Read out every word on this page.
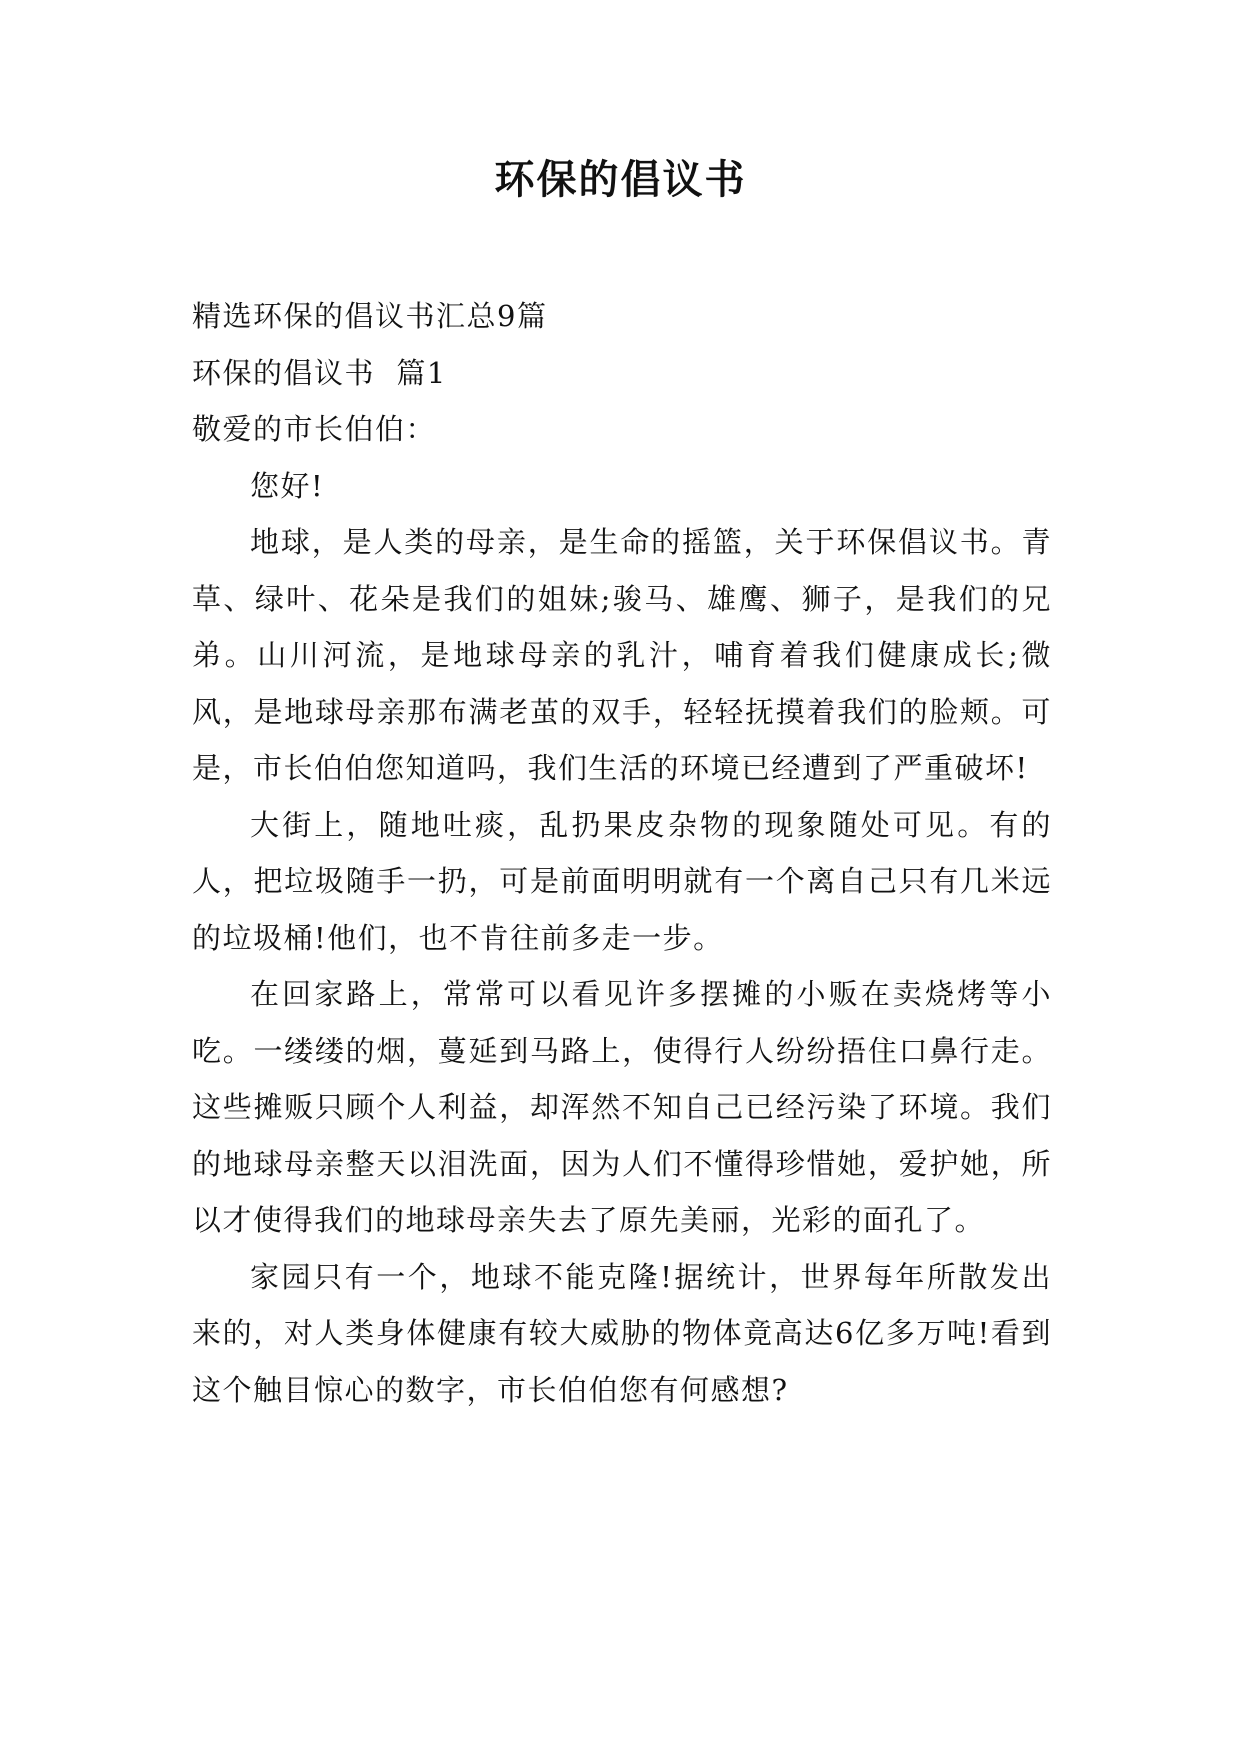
环保的倡议书

精选环保的倡议书汇总9篇

环保的倡议书  篇1

敬爱的市长伯伯：

您好!

地球，是人类的母亲，是生命的摇篮，关于环保倡议书。青草、绿叶、花朵是我们的姐妹;骏马、雄鹰、狮子，是我们的兄弟。山川河流，是地球母亲的乳汁，哺育着我们健康成长;微风，是地球母亲那布满老茧的双手，轻轻抚摸着我们的脸颊。可是，市长伯伯您知道吗，我们生活的环境已经遭到了严重破坏!

大街上，随地吐痰，乱扔果皮杂物的现象随处可见。有的人，把垃圾随手一扔，可是前面明明就有一个离自己只有几米远的垃圾桶!他们，也不肯往前多走一步。

在回家路上，常常可以看见许多摆摊的小贩在卖烧烤等小吃。一缕缕的烟，蔓延到马路上，使得行人纷纷捂住口鼻行走。这些摊贩只顾个人利益，却浑然不知自己已经污染了环境。我们的地球母亲整天以泪洗面，因为人们不懂得珍惜她，爱护她，所以才使得我们的地球母亲失去了原先美丽，光彩的面孔了。

家园只有一个，地球不能克隆!据统计，世界每年所散发出来的，对人类身体健康有较大威胁的物体竟高达6亿多万吨!看到这个触目惊心的数字，市长伯伯您有何感想?
